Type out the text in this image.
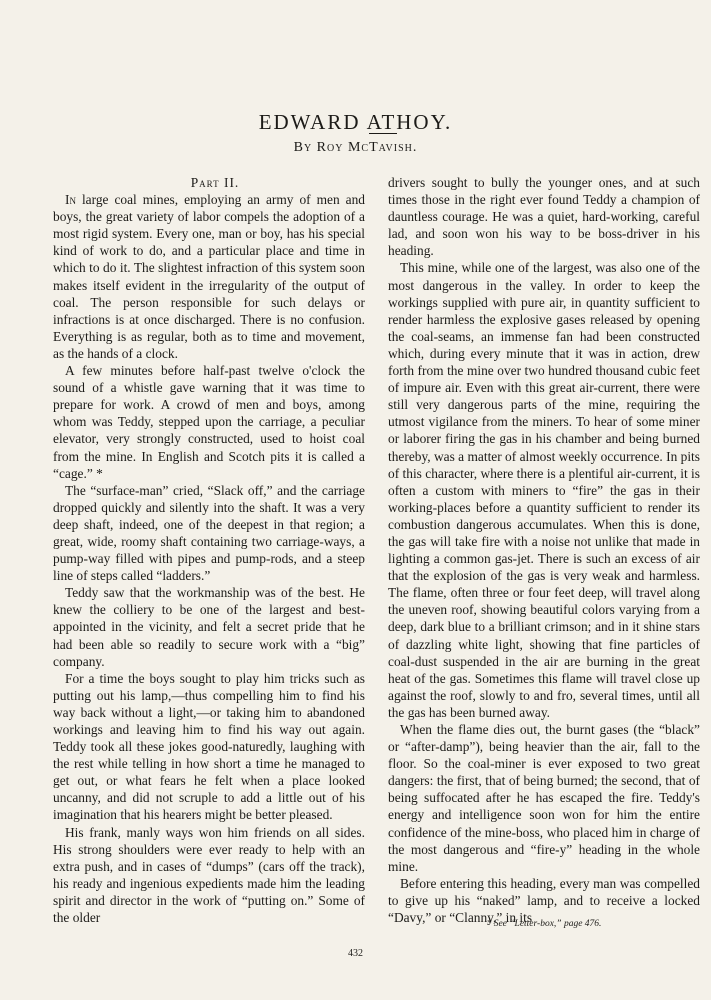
EDWARD ATHOY.
By Roy McTavish.

Part II.

In large coal mines, employing an army of men and boys, the great variety of labor compels the adoption of a most rigid system. Every one, man or boy, has his special kind of work to do, and a particular place and time in which to do it. The slightest infraction of this system soon makes itself evident in the irregularity of the output of coal. The person responsible for such delays or infractions is at once discharged. There is no confusion. Everything is as regular, both as to time and movement, as the hands of a clock.

A few minutes before half-past twelve o'clock the sound of a whistle gave warning that it was time to prepare for work. A crowd of men and boys, among whom was Teddy, stepped upon the carriage, a peculiar elevator, very strongly constructed, used to hoist coal from the mine. In English and Scotch pits it is called a “cage.” *

The “surface-man” cried, “Slack off,” and the carriage dropped quickly and silently into the shaft. It was a very deep shaft, indeed, one of the deepest in that region; a great, wide, roomy shaft containing two carriage-ways, a pump-way filled with pipes and pump-rods, and a steep line of steps called “ladders.”

Teddy saw that the workmanship was of the best. He knew the colliery to be one of the largest and best-appointed in the vicinity, and felt a secret pride that he had been able so readily to secure work with a “big” company.

For a time the boys sought to play him tricks such as putting out his lamp,—thus compelling him to find his way back without a light,—or taking him to abandoned workings and leaving him to find his way out again. Teddy took all these jokes good-naturedly, laughing with the rest while telling in how short a time he managed to get out, or what fears he felt when a place looked uncanny, and did not scruple to add a little out of his imagination that his hearers might be better pleased.

His frank, manly ways won him friends on all sides. His strong shoulders were ever ready to help with an extra push, and in cases of “dumps” (cars off the track), his ready and ingenious expedients made him the leading spirit and director in the work of “putting on.” Some of the older

drivers sought to bully the younger ones, and at such times those in the right ever found Teddy a champion of dauntless courage. He was a quiet, hard-working, careful lad, and soon won his way to be boss-driver in his heading.

This mine, while one of the largest, was also one of the most dangerous in the valley. In order to keep the workings supplied with pure air, in quantity sufficient to render harmless the explosive gases released by opening the coal-seams, an immense fan had been constructed which, during every minute that it was in action, drew forth from the mine over two hundred thousand cubic feet of impure air. Even with this great air-current, there were still very dangerous parts of the mine, requiring the utmost vigilance from the miners. To hear of some miner or laborer firing the gas in his chamber and being burned thereby, was a matter of almost weekly occurrence. In pits of this character, where there is a plentiful air-current, it is often a custom with miners to “fire” the gas in their working-places before a quantity sufficient to render its combustion dangerous accumulates. When this is done, the gas will take fire with a noise not unlike that made in lighting a common gas-jet. There is such an excess of air that the explosion of the gas is very weak and harmless. The flame, often three or four feet deep, will travel along the uneven roof, showing beautiful colors varying from a deep, dark blue to a brilliant crimson; and in it shine stars of dazzling white light, showing that fine particles of coal-dust suspended in the air are burning in the great heat of the gas. Sometimes this flame will travel close up against the roof, slowly to and fro, several times, until all the gas has been burned away.

When the flame dies out, the burnt gases (the “black” or “after-damp”), being heavier than the air, fall to the floor. So the coal-miner is ever exposed to two great dangers: the first, that of being burned; the second, that of being suffocated after he has escaped the fire. Teddy's energy and intelligence soon won for him the entire confidence of the mine-boss, who placed him in charge of the most dangerous and “fire-y” heading in the whole mine.

Before entering this heading, every man was compelled to give up his “naked” lamp, and to receive a locked “Davy,” or “Clanny,” in its

* See “Letter-box,” page 476.
432
